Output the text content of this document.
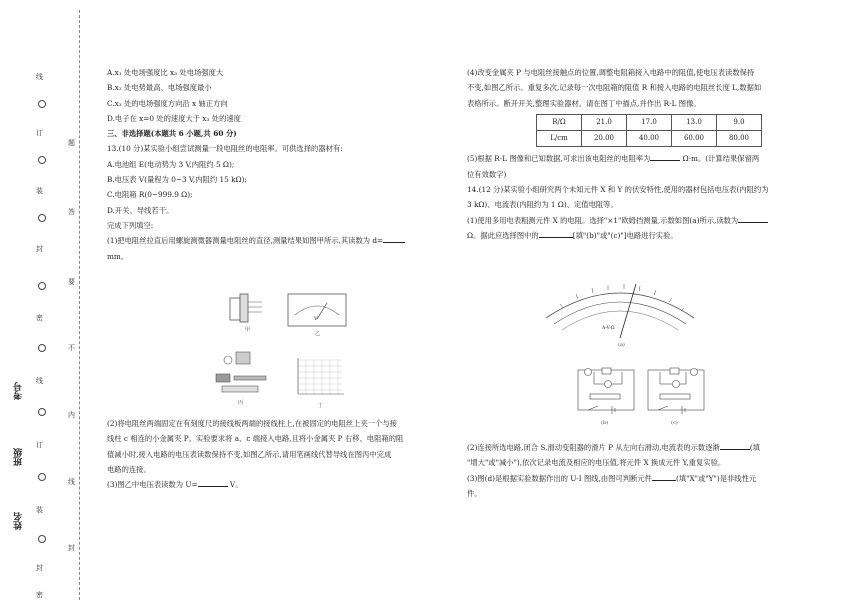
线
订
装
封
密
线
订
装
封
密
题
答
要
不
内
线
封
考号
班级
姓名

A.x₁ 处电场强度比 x₃ 处电场强度大

B.x₂ 处电势最高、电场强度最小

C.x₃ 处的电场强度方向沿 x 轴正方向

D.电子在 x=0 处的速度大于 x₃ 处的速度

三、非选择题(本题共 6 小题,共 60 分)

13.(10 分)某实验小组尝试测量一段电阻丝的电阻率。可供选择的器材有:

A.电池组 E(电动势为 3 V,内阻约 5 Ω);

B.电压表 V(量程为 0~3 V,内阻约 15 kΩ);

C.电阻箱 R(0~999.9 Ω);

D.开关、导线若干。

完成下列填空:

(1)把电阻丝拉直后用螺旋测微器测量电阻丝的直径,测量结果如图甲所示,其读数为 d=

mm。

甲
V
乙
丙	丁

(2)将电阻丝两端固定在有刻度尺的接线板两端的接线柱上,在被固定的电阻丝上夹一个与接

线柱 c 相连的小金属夹 P。实验要求将 a、c 端接入电路,且将小金属夹 P 右移、电阻箱的阻

值减小时,接入电路的电压表读数保持不变,如图乙所示,请用笔画线代替导线在图丙中完成

电路的连接。

(3)图乙中电压表读数为 U=	V。

(4)改变金属夹 P 与电阻丝接触点的位置,调整电阻箱接入电路中的阻值,使电压表读数保持

不变,如图乙所示。重复多次,记录每一次电阻箱的阻值 R 和接入电路的电阻丝长度 L,数据如

表格所示。断开开关,整理实验器材。请在图丁中描点,并作出 R-L 图像。

R/Ω	21.0	17.0	13.0	9.0
L/cm	20.00	40.00	60.00	80.00

(5)根据 R-L 图像和已知数据,可求出该电阻丝的电阻率为	Ω·m。(计算结果保留两

位有效数字)

14.(12 分)某实验小组研究两个未知元件 X 和 Y 的伏安特性,使用的器材包括电压表(内阻约为

3 kΩ)、电流表(内阻约为 1 Ω)、定值电阻等。

(1)使用多用电表粗测元件 X 的电阻。选择"×1"欧姆挡测量,示数如图(a)所示,读数为

Ω。据此应选择图中的	[填"(b)"或"(c)"]电路进行实验。

A-V-Ω
(a)
(b)	(c)

(2)连接所选电路,闭合 S,滑动变阻器的滑片 P 从左向右滑动,电流表的示数逐渐	(填

"增大"或"减小"),依次记录电流及相应的电压值,将元件 X 换成元件 Y,重复实验。

(3)图(d)是根据实验数据作出的 U-I 图线,由图可判断元件	(填"X"或"Y")是非线性元

件。
